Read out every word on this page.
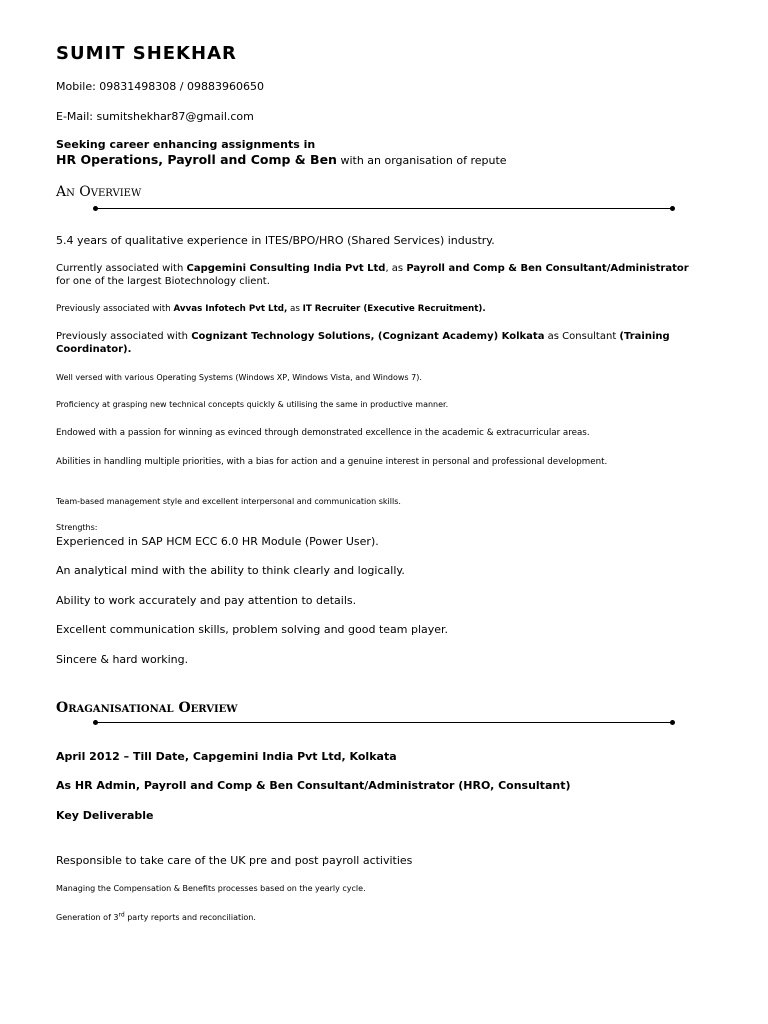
SUMIT SHEKHAR
Mobile: 09831498308 / 09883960650
E-Mail: sumitshekhar87@gmail.com
Seeking career enhancing assignments in
HR Operations, Payroll and Comp & Ben with an organisation of repute
An Overview
5.4 years of qualitative experience in ITES/BPO/HRO (Shared Services) industry.
Currently associated with Capgemini Consulting India Pvt Ltd, as Payroll and Comp & Ben Consultant/Administrator
for one of the largest Biotechnology client.
Previously associated with Avvas Infotech Pvt Ltd, as IT Recruiter (Executive Recruitment).
Previously associated with Cognizant Technology Solutions, (Cognizant Academy) Kolkata as Consultant (Training Coordinator).
Well versed with various Operating Systems (Windows XP, Windows Vista, and Windows 7).
Proficiency at grasping new technical concepts quickly & utilising the same in productive manner.
Endowed with a passion for winning as evinced through demonstrated excellence in the academic & extracurricular areas.
Abilities in handling multiple priorities, with a bias for action and a genuine interest in personal and professional development.
Team-based management style and excellent interpersonal and communication skills.
Strengths:
Experienced in SAP HCM ECC 6.0 HR Module (Power User).
An analytical mind with the ability to think clearly and logically.
Ability to work accurately and pay attention to details.
Excellent communication skills, problem solving and good team player.
Sincere & hard working.
Oraganisational Oerview
April 2012 – Till Date, Capgemini India Pvt Ltd, Kolkata
As HR Admin, Payroll and Comp & Ben Consultant/Administrator (HRO, Consultant)
Key Deliverable
Responsible to take care of the UK pre and post payroll activities
Managing the Compensation & Benefits processes based on the yearly cycle.
Generation of 3rd party reports and reconciliation.
